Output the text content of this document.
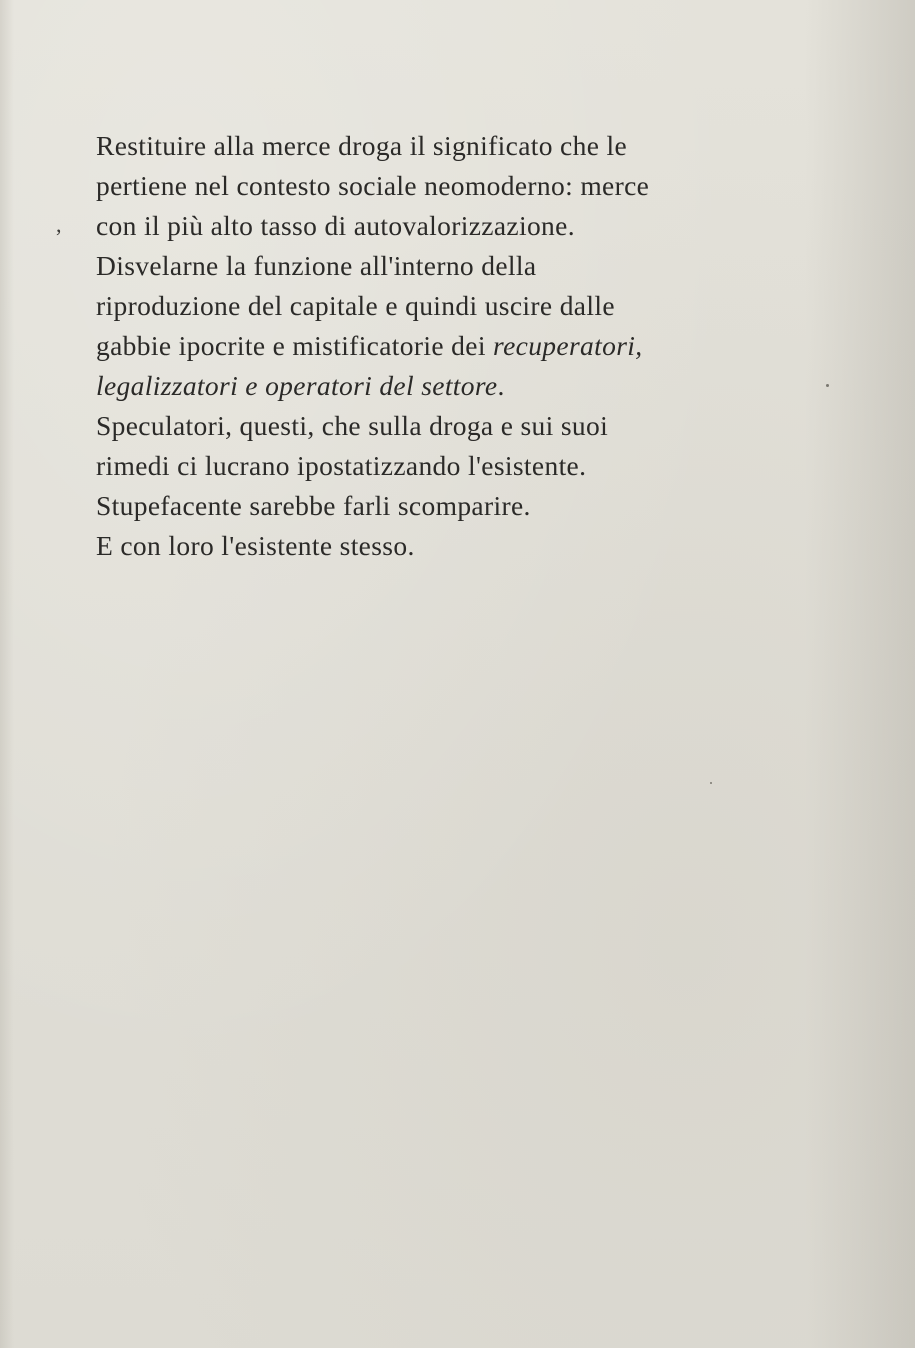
,
Restituire alla merce droga il significato che le
pertiene nel contesto sociale neomoderno: merce
con il più alto tasso di autovalorizzazione.
Disvelarne la funzione all'interno della
riproduzione del capitale e quindi uscire dalle
gabbie ipocrite e mistificatorie dei recuperatori,
legalizzatori e operatori del settore.
Speculatori, questi, che sulla droga e sui suoi
rimedi ci lucrano ipostatizzando l'esistente.
Stupefacente sarebbe farli scomparire.
E con loro l'esistente stesso.
